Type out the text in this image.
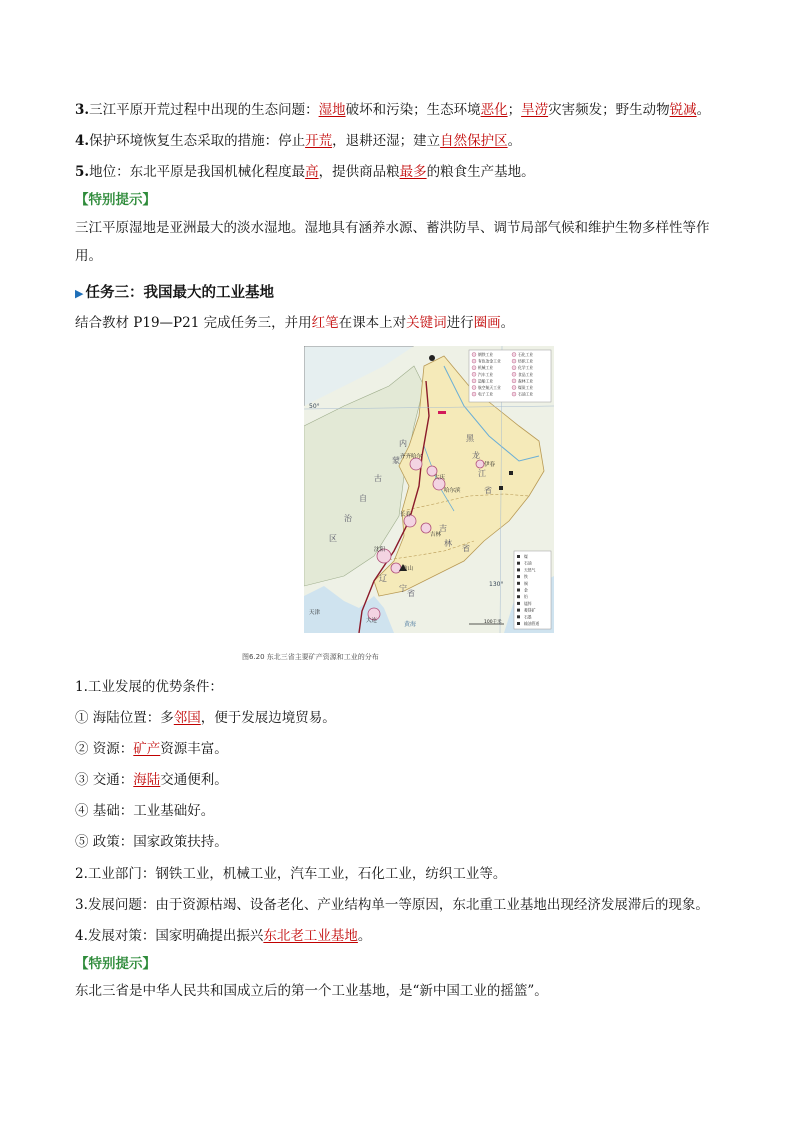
3.三江平原开荒过程中出现的生态问题：湿地破坏和污染；生态环境恶化；旱涝灾害频发；野生动物锐减。
4.保护环境恢复生态采取的措施：停止开荒，退耕还湿；建立自然保护区。
5.地位：东北平原是我国机械化程度最高，提供商品粮最多的粮食生产基地。
【特别提示】
三江平原湿地是亚洲最大的淡水湿地。湿地具有涵养水源、蓄洪防旱、调节局部气候和维护生物多样性等作用。
▶ 任务三：我国最大的工业基地
结合教材 P19—P21 完成任务三，并用红笔在课本上对关键词进行圈画。
50°
130°
内
蒙
古
自
治
区
黑
龙
江
省
吉
林
省
辽
宁
省
齐齐哈尔
大庆
哈尔滨
伊春
长春
吉林
沈阳
鞍山
大连
天津
黄海
钢铁工业	石化工业
有色冶金工业	纺织工业
机械工业	化学工业
汽车工业	食品工业
造船工业	森林工业
航空航天工业	煤炭工业
电子工业	石油工业
煤
石油
天然气
铁
铜
金
铅
锰锌
菱镁矿
石墨
输油管道
100千米
图6.20 东北三省主要矿产资源和工业的分布
1.工业发展的优势条件：
① 海陆位置：多邻国，便于发展边境贸易。
② 资源：矿产资源丰富。
③ 交通：海陆交通便利。
④ 基础：工业基础好。
⑤ 政策：国家政策扶持。
2.工业部门：钢铁工业，机械工业，汽车工业，石化工业，纺织工业等。
3.发展问题：由于资源枯竭、设备老化、产业结构单一等原因，东北重工业基地出现经济发展滞后的现象。
4.发展对策：国家明确提出振兴东北老工业基地。
【特别提示】
东北三省是中华人民共和国成立后的第一个工业基地，是“新中国工业的摇篮”。
